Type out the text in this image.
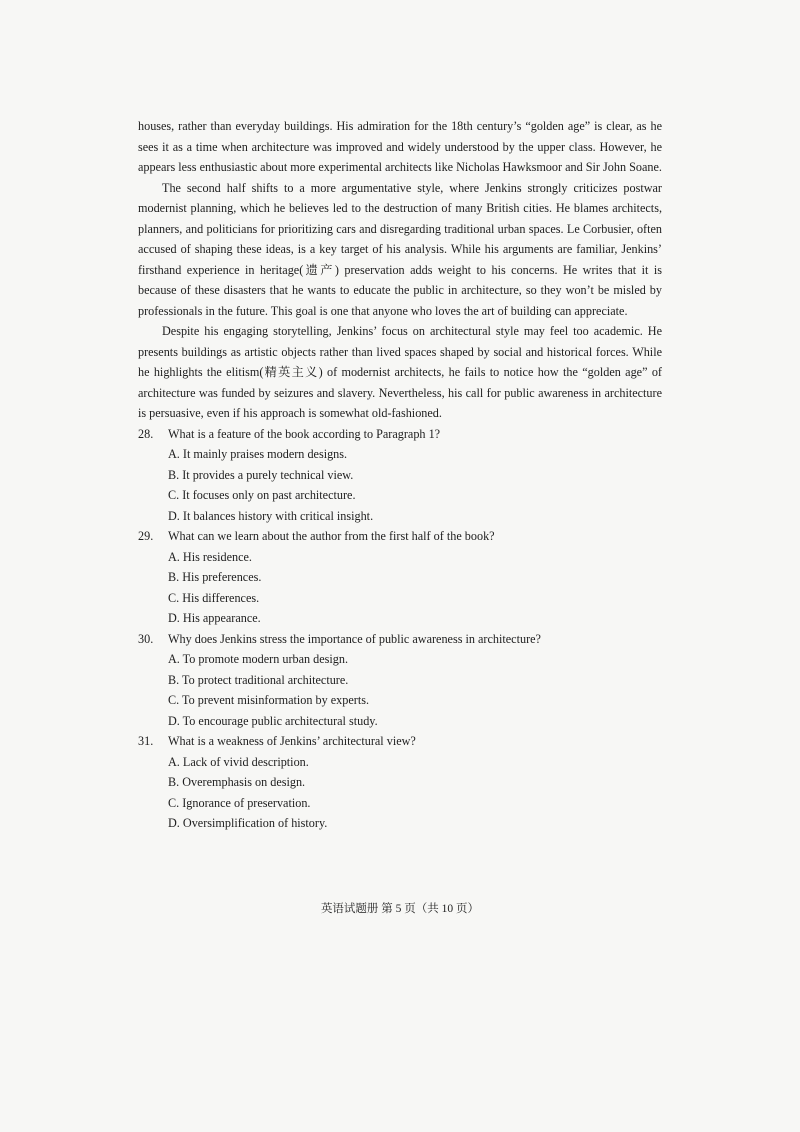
houses, rather than everyday buildings. His admiration for the 18th century’s “golden age” is clear, as he sees it as a time when architecture was improved and widely understood by the upper class. However, he appears less enthusiastic about more experimental architects like Nicholas Hawksmoor and Sir John Soane.

The second half shifts to a more argumentative style, where Jenkins strongly criticizes postwar modernist planning, which he believes led to the destruction of many British cities. He blames architects, planners, and politicians for prioritizing cars and disregarding traditional urban spaces. Le Corbusier, often accused of shaping these ideas, is a key target of his analysis. While his arguments are familiar, Jenkins’ firsthand experience in heritage(遗产) preservation adds weight to his concerns. He writes that it is because of these disasters that he wants to educate the public in architecture, so they won’t be misled by professionals in the future. This goal is one that anyone who loves the art of building can appreciate.

Despite his engaging storytelling, Jenkins’ focus on architectural style may feel too academic. He presents buildings as artistic objects rather than lived spaces shaped by social and historical forces. While he highlights the elitism(精英主义) of modernist architects, he fails to notice how the “golden age” of architecture was funded by seizures and slavery. Nevertheless, his call for public awareness in architecture is persuasive, even if his approach is somewhat old-fashioned.

28.	What is a feature of the book according to Paragraph 1?

A. It mainly praises modern designs.

B. It provides a purely technical view.

C. It focuses only on past architecture.

D. It balances history with critical insight.

29.	What can we learn about the author from the first half of the book?

A. His residence.

B. His preferences.

C. His differences.

D. His appearance.

30.	Why does Jenkins stress the importance of public awareness in architecture?

A. To promote modern urban design.

B. To protect traditional architecture.

C. To prevent misinformation by experts.

D. To encourage public architectural study.

31.	What is a weakness of Jenkins’ architectural view?

A. Lack of vivid description.

B. Overemphasis on design.

C. Ignorance of preservation.

D. Oversimplification of history.

英语试题册 第 5 页（共 10 页）
